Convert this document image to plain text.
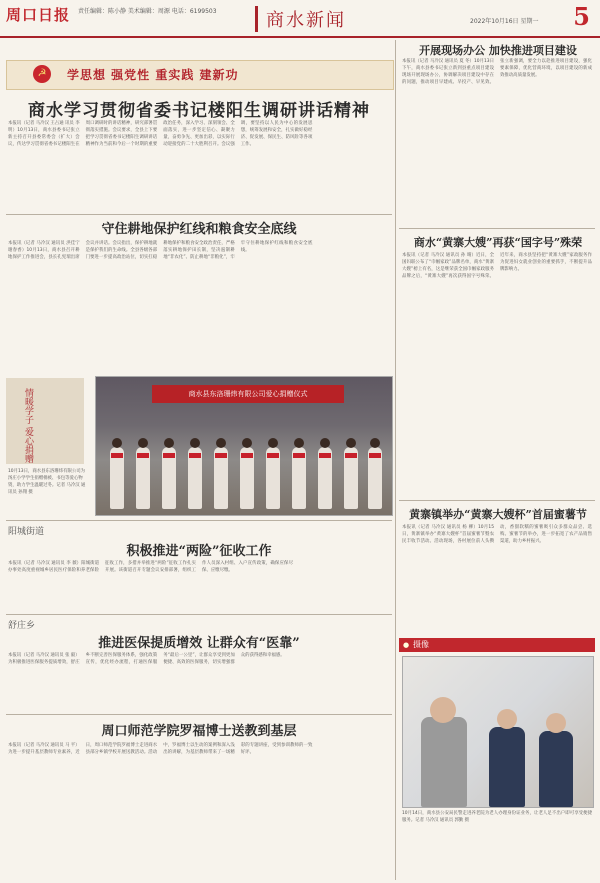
周口日报 责任编辑：陈小静 美术编辑：周源 电话：6199503	商水新闻	2022年10月16日 星期一 5
☭	学思想 强党性 重实践 建新功
商水学习贯彻省委书记楼阳生调研讲话精神
本报讯（记者 马冷汉 王占通 讯员 李 明）10月13日，商水县委书记张立新主持召开县委常委会（扩大）会议，传达学习贯彻省委书记楼阳生在周口调研时的讲话精神，研究部署贯彻落实措施。会议要求，全县上下要把学习贯彻省委书记楼阳生调研讲话精神作为当前和今后一个时期的重要政治任务，深入学习、深刻领会、全面落实，进一步坚定信心、凝聚力量，奋勇争先、更加出彩，以实际行动迎接党的二十大胜利召开。会议强调，要坚持以人民为中心的发展思想，统筹发展和安全，扎实做好稳经济、促发展、保民生、防风险等各项工作。
守住耕地保护红线和粮食安全底线
本报讯（记者 马冷汉 通讯员 洪佳宁 谢春香）10月13日，商水县召开耕地保护工作推进会，县长孔宪瑞出席会议并讲话。会议指出，保护耕地就是保护我们的生命线。全县各级各部门要进一步提高政治站位，切实扛稳耕地保护和粮食安全政治责任，严格落实耕地保护田长制，坚决遏制耕地“非农化”、防止耕地“非粮化”，牢牢守住耕地保护红线和粮食安全底线。
情暖学子 爱心捐赠	商水县东洛珊炜有限公司爱心捐赠仪式
10月13日，商水县东洛珊炜有限公司为汤庄小学学生捐赠棉被、书包等爱心物资，助力学生温暖过冬。记者 马冷汉 通讯员 孙翔 摄
阳城街道
积极推进“两险”征收工作
本报讯（记者 马冷汉 通讯员 李 薇）阳城街道办事处高度重视城乡居民医疗保险和养老保险征收工作，多措并举推进“两险”征收工作扎实开展。该街道召开专题会议安排部署，组织工作人员深入村组、入户宣传政策，确保应保尽保、应缴尽缴。
舒庄乡
推进医保提质增效 让群众有“医靠”
本报讯（记者 马冷汉 通讯员 张 毅）为积极推进医保服务提质增效，舒庄乡不断完善医保服务体系，强化政策宣传，优化经办流程，打通医保服务“最后一公里”，让群众享受到更加便捷、高效的医保服务，切实增强群众的获得感和幸福感。
周口师范学院罗福博士送教到基层
本报讯（记者 马冷汉 通讯员 马 平）为进一步提升基层教师专业素养，近日，周口师范学院罗福博士走进商水县部分乡镇学校开展送教活动。活动中，罗福博士以生动的案例和深入浅出的讲解，为基层教师带来了一场精彩的专题讲座，受到参训教师的一致好评。
开展现场办公 加快推进项目建设
本报讯（记者 马冷汉 通讯员 夏 冬）10月13日下午，商水县委书记张立新到县重点项目建设现场开展现场办公，协调解决项目建设中存在的问题，推动项目早建成、早投产、早见效。张立新强调，要全力以赴推进项目建设，强化要素保障，优化营商环境，以项目建设的新成效推动高质量发展。
商水“黄寨大嫂”再获“国字号”殊荣
本报讯（记者 马冷汉 通讯员 孙 晴）近日，全国妇联公布了“巾帼家政”品牌名单，商水“黄寨大嫂”榜上有名，这是继荣获全国巾帼家政服务品牌之后，“黄寨大嫂”再次获得国字号殊荣。近年来，商水县坚持把“黄寨大嫂”家政服务作为促进妇女就业创业的重要抓手，不断提升品牌影响力。
黄寨镇举办“黄寨大嫂杯”首届蜜薯节
本报讯（记者 马冷汉 通讯员 杨 柳）10月15日，黄寨镇举办“黄寨大嫂杯”首届蜜薯节暨农民丰收节活动。活动现场，各村展位前人头攒动，香甜软糯的蜜薯吸引众多群众品尝、选购。蜜薯节的举办，进一步拓宽了农产品销售渠道，助力乡村振兴。
● 摄像
10月14日，商水县公安局民警走进养老院为老人办理身份证业务，让老人足不出户即可享受便捷服务。记者 马冷汉 通讯员 郭勤 摄
